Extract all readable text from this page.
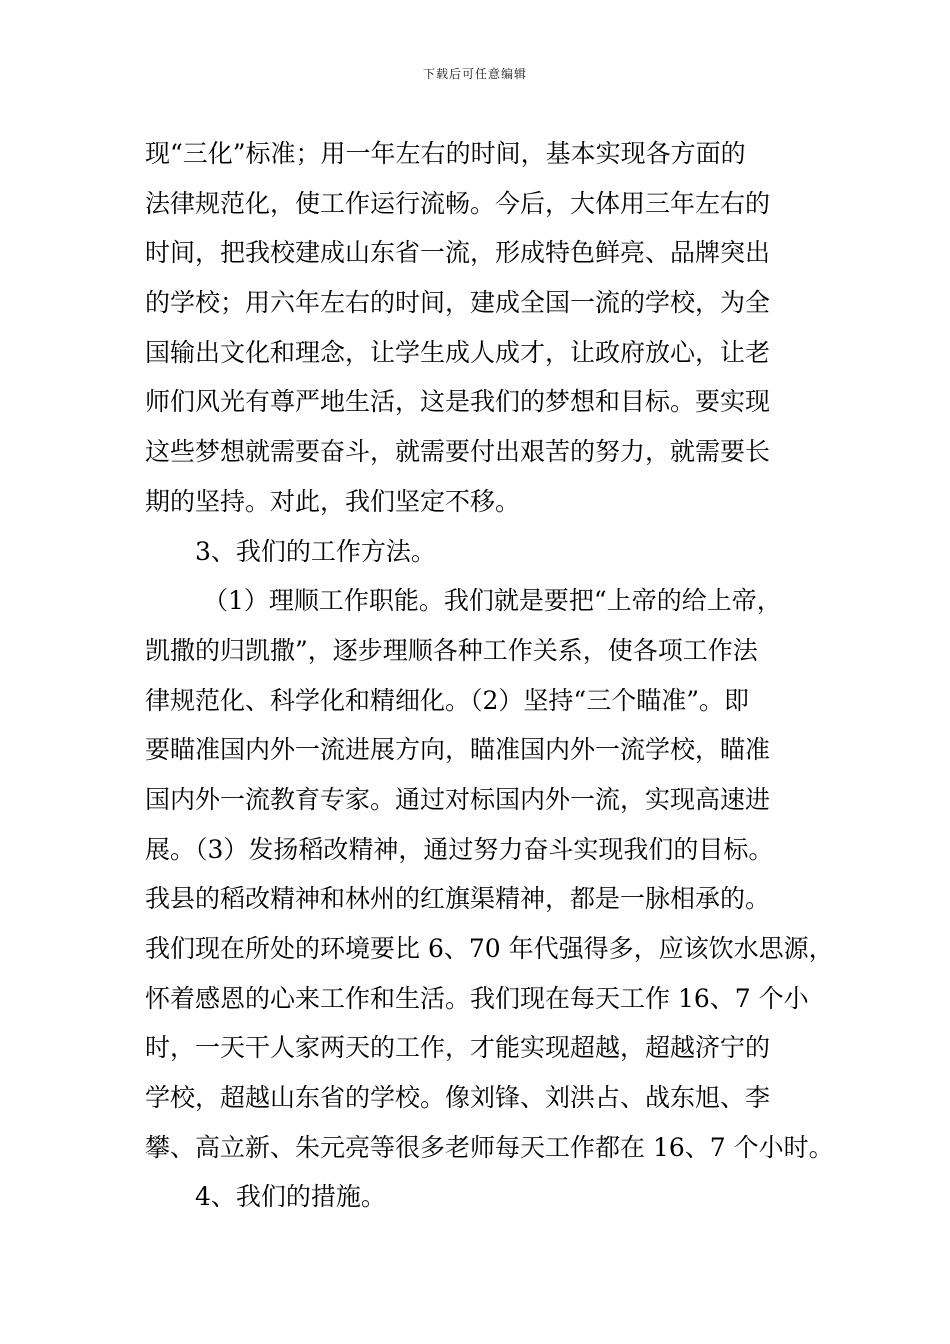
下载后可任意编辑
现“三化”标准；用一年左右的时间，基本实现各方面的
法律规范化，使工作运行流畅。今后，大体用三年左右的
时间，把我校建成山东省一流，形成特色鲜亮、品牌突出
的学校；用六年左右的时间，建成全国一流的学校，为全
国输出文化和理念，让学生成人成才，让政府放心，让老
师们风光有尊严地生活，这是我们的梦想和目标。要实现
这些梦想就需要奋斗，就需要付出艰苦的努力，就需要长
期的坚持。对此，我们坚定不移。
3、我们的工作方法。
（1）理顺工作职能。我们就是要把“上帝的给上帝，
凯撒的归凯撒”，逐步理顺各种工作关系，使各项工作法
律规范化、科学化和精细化。（2）坚持“三个瞄准”。即
要瞄准国内外一流进展方向，瞄准国内外一流学校，瞄准
国内外一流教育专家。通过对标国内外一流，实现高速进
展。（3）发扬稻改精神，通过努力奋斗实现我们的目标。
我县的稻改精神和林州的红旗渠精神，都是一脉相承的。
我们现在所处的环境要比 6、70 年代强得多，应该饮水思源，
怀着感恩的心来工作和生活。我们现在每天工作 16、7 个小
时，一天干人家两天的工作，才能实现超越，超越济宁的
学校，超越山东省的学校。像刘锋、刘洪占、战东旭、李
攀、高立新、朱元亮等很多老师每天工作都在 16、7 个小时。
4、我们的措施。
